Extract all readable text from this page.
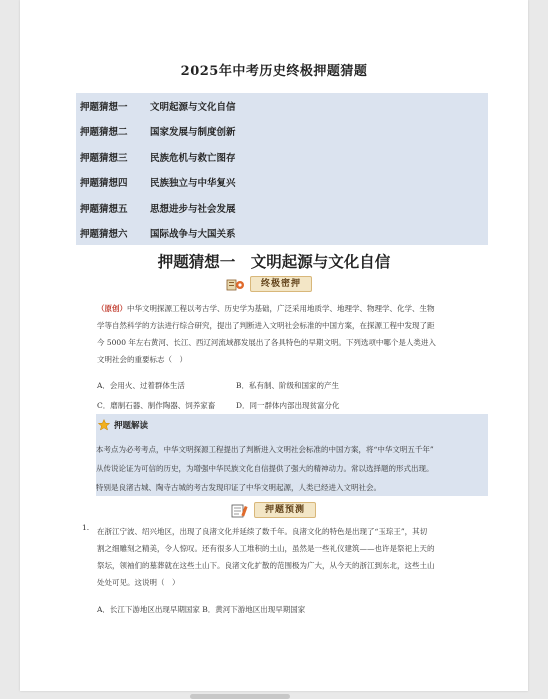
2025年中考历史终极押题猜题
押题猜想一 文明起源与文化自信
押题猜想二 国家发展与制度创新
押题猜想三 民族危机与救亡图存
押题猜想四 民族独立与中华复兴
押题猜想五 思想进步与社会发展
押题猜想六 国际战争与大国关系
押题猜想一　文明起源与文化自信
终极密押
（原创）中华文明探源工程以考古学、历史学为基础，广泛采用地质学、地理学、物理学、化学、生物
学等自然科学的方法进行综合研究，提出了判断进入文明社会标准的中国方案，在探源工程中发现了距
今 5000 年左右黄河、长江、西辽河流域都发展出了各具特色的早期文明。下列选项中哪个是人类进入
文明社会的重要标志（　）
A．会用火、过着群体生活	B．私有制、阶级和国家的产生
C．磨制石器、制作陶器、饲养家畜	D．同一群体内部出现贫富分化
押题解读
本考点为必考考点，中华文明探源工程提出了判断进入文明社会标准的中国方案，将“中华文明五千年”
从传说论证为可信的历史，为增强中华民族文化自信提供了强大的精神动力。常以选择题的形式出现。
特别是良渚古城、陶寺古城的考古发现印证了中华文明起源，人类已经进入文明社会。
押题预测
1. 在浙江宁波、绍兴地区，出现了良渚文化并延续了数千年。良渚文化的特色是出现了“玉琮王”，其切
割之细雕刻之精美，令人惊叹。还有很多人工堆积的土山，虽然是一些礼仪建筑——也许是祭祀上天的
祭坛，领袖们的墓葬就在这些土山下。良渚文化扩散的范围极为广大，从今天的浙江到东北，这些土山
处处可见。这说明（　）
A．长江下游地区出现早期国家 B．黄河下游地区出现早期国家
